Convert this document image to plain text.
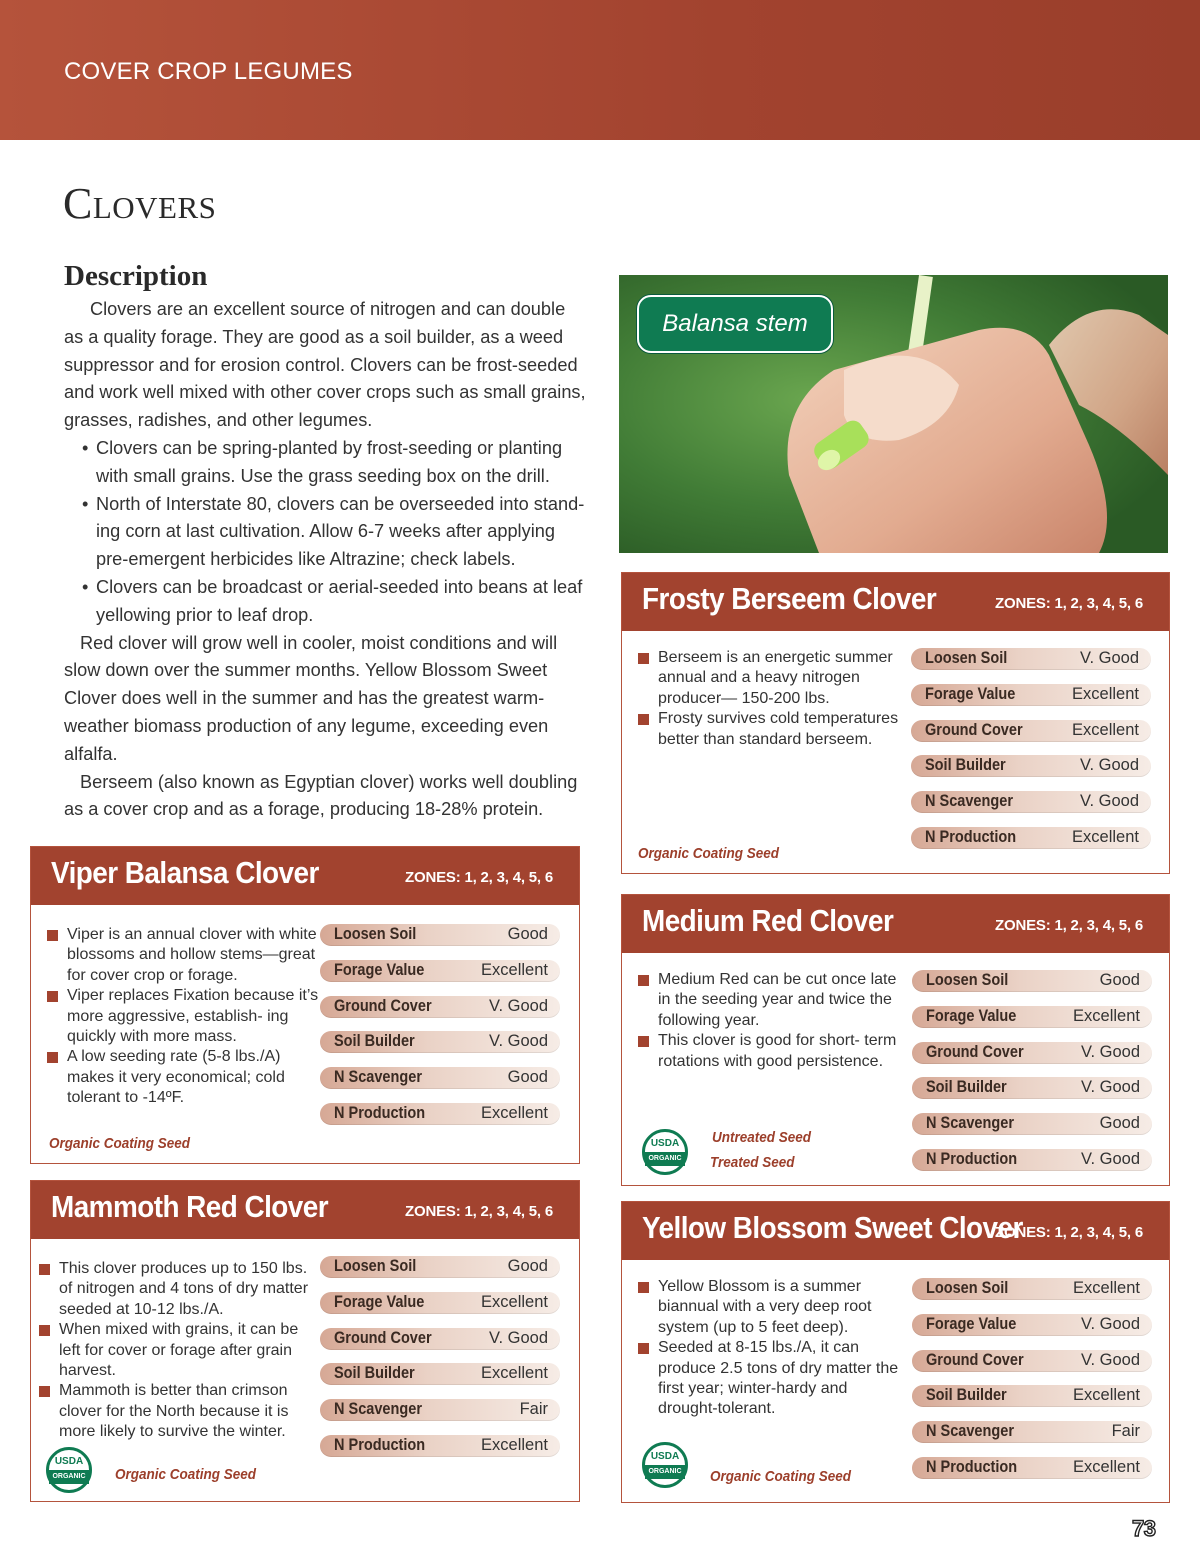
COVER CROP LEGUMES
Clovers
Description

Clovers are an excellent source of nitrogen and can double as a quality forage. They are good as a soil builder, as a weed suppressor and for erosion control. Clovers can be frost-seeded and work well mixed with other cover crops such as small grains, grasses, radishes, and other legumes.

• Clovers can be spring-planted by frost-seeding or planting with small grains. Use the grass seeding box on the drill.
• North of Interstate 80, clovers can be overseeded into stand- ing corn at last cultivation. Allow 6-7 weeks after applying pre-emergent herbicides like Altrazine; check labels.
• Clovers can be broadcast or aerial-seeded into beans at leaf yellowing prior to leaf drop.

Red clover will grow well in cooler, moist conditions and will slow down over the summer months. Yellow Blossom Sweet Clover does well in the summer and has the greatest warm-weather biomass production of any legume, exceeding even alfalfa.

Berseem (also known as Egyptian clover) works well doubling as a cover crop and as a forage, producing 18-28% protein.

Balansa stem
Viper Balansa Clover	ZONES: 1, 2, 3, 4, 5, 6
Viper is an annual clover with white blossoms and hollow stems—great for cover crop or forage.
Viper replaces Fixation because it’s more aggressive, establish- ing quickly with more mass.
A low seeding rate (5-8 lbs./A) makes it very economical; cold tolerant to -14ºF.
Loosen Soil	Good
Forage Value	Excellent
Ground Cover	V. Good
Soil Builder	V. Good
N Scavenger	Good
N Production	Excellent
Organic Coating Seed
Mammoth Red Clover	ZONES: 1, 2, 3, 4, 5, 6
This clover produces up to 150 lbs. of nitrogen and 4 tons of dry matter seeded at 10-12 lbs./A.
When mixed with grains, it can be left for cover or forage after grain harvest.
Mammoth is better than crimson clover for the North because it is more likely to survive the winter.
Loosen Soil	Good
Forage Value	Excellent
Ground Cover	V. Good
Soil Builder	Excellent
N Scavenger	Fair
N Production	Excellent
USDA
ORGANIC Organic Coating Seed
Frosty Berseem Clover	ZONES: 1, 2, 3, 4, 5, 6
Berseem is an energetic summer annual and a heavy nitrogen producer— 150-200 lbs.
Frosty survives cold temperatures better than standard berseem.
Loosen Soil	V. Good
Forage Value	Excellent
Ground Cover	Excellent
Soil Builder	V. Good
N Scavenger	V. Good
N Production	Excellent
Organic Coating Seed
Medium Red Clover	ZONES: 1, 2, 3, 4, 5, 6
Medium Red can be cut once late in the seeding year and twice the following year.
This clover is good for short- term rotations with good persistence.
Loosen Soil	Good
Forage Value	Excellent
Ground Cover	V. Good
Soil Builder	V. Good
N Scavenger	Good
N Production	V. Good
USDA
ORGANIC
Untreated Seed
Treated Seed
Yellow Blossom Sweet Clover
ZONES: 1, 2, 3, 4, 5, 6
Yellow Blossom is a summer biannual with a very deep root system (up to 5 feet deep).
Seeded at 8-15 lbs./A, it can produce 2.5 tons of dry matter the first year; winter-hardy and drought-tolerant.
Loosen Soil	Excellent
Forage Value	V. Good
Ground Cover	V. Good
Soil Builder	Excellent
N Scavenger	Fair
N Production	Excellent
USDA
ORGANIC Organic Coating Seed
73
